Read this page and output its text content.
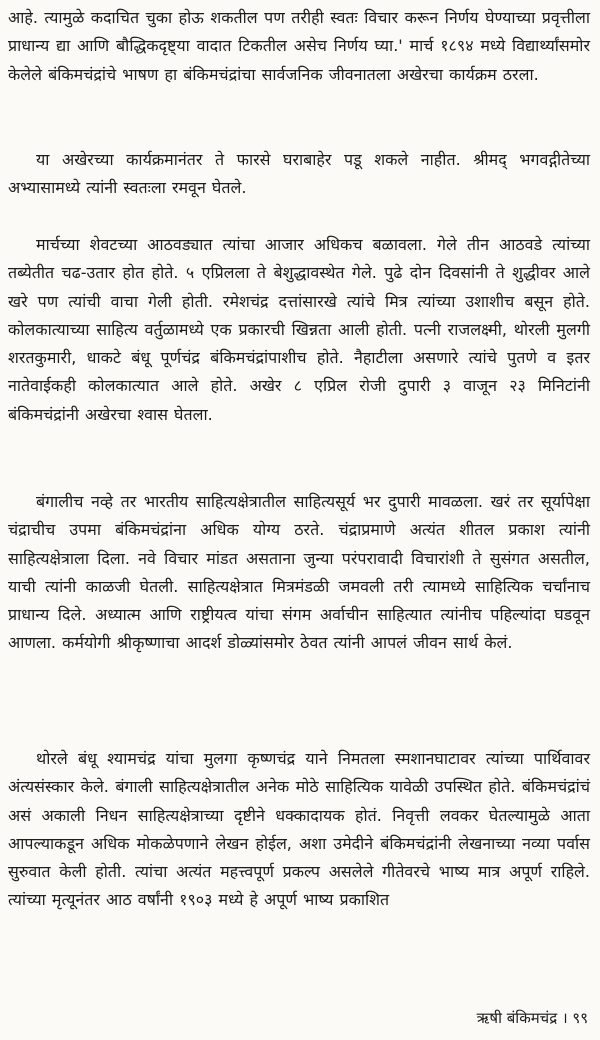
आहे. त्यामुळे कदाचित चुका होऊ शकतील पण तरीही स्वतः विचार करून निर्णय घेण्याच्या प्रवृत्तीला प्राधान्य द्या आणि बौद्धिकदृष्ट्या वादात टिकतील असेच निर्णय घ्या.' मार्च १८९४ मध्ये विद्यार्थ्यांसमोर केलेले बंकिमचंद्रांचे भाषण हा बंकिमचंद्रांचा सार्वजनिक जीवनातला अखेरचा कार्यक्रम ठरला.

या अखेरच्या कार्यक्रमानंतर ते फारसे घराबाहेर पडू शकले नाहीत. श्रीमद् भगवद्गीतेच्या अभ्यासामध्ये त्यांनी स्वतःला रमवून घेतले.

मार्चच्या शेवटच्या आठवड्यात त्यांचा आजार अधिकच बळावला. गेले तीन आठवडे त्यांच्या तब्येतीत चढ-उतार होत होते. ५ एप्रिलला ते बेशुद्धावस्थेत गेले. पुढे दोन दिवसांनी ते शुद्धीवर आले खरे पण त्यांची वाचा गेली होती. रमेशचंद्र दत्तांसारखे त्यांचे मित्र त्यांच्या उशाशीच बसून होते. कोलकात्याच्या साहित्य वर्तुळामध्ये एक प्रकारची खिन्नता आली होती. पत्नी राजलक्ष्मी, थोरली मुलगी शरतकुमारी, धाकटे बंधू पूर्णचंद्र बंकिमचंद्रांपाशीच होते. नैहाटीला असणारे त्यांचे पुतणे व इतर नातेवाईकही कोलकात्यात आले होते. अखेर ८ एप्रिल रोजी दुपारी ३ वाजून २३ मिनिटांनी बंकिमचंद्रांनी अखेरचा श्वास घेतला.

बंगालीच नव्हे तर भारतीय साहित्यक्षेत्रातील साहित्यसूर्य भर दुपारी मावळला. खरं तर सूर्यापेक्षा चंद्राचीच उपमा बंकिमचंद्रांना अधिक योग्य ठरते. चंद्राप्रमाणे अत्यंत शीतल प्रकाश त्यांनी साहित्यक्षेत्राला दिला. नवे विचार मांडत असताना जुन्या परंपरावादी विचारांशी ते सुसंगत असतील, याची त्यांनी काळजी घेतली. साहित्यक्षेत्रात मित्रमंडळी जमवली तरी त्यामध्ये साहित्यिक चर्चांनाच प्राधान्य दिले. अध्यात्म आणि राष्ट्रीयत्व यांचा संगम अर्वाचीन साहित्यात त्यांनीच पहिल्यांदा घडवून आणला. कर्मयोगी श्रीकृष्णाचा आदर्श डोळ्यांसमोर ठेवत त्यांनी आपलं जीवन सार्थ केलं.

थोरले बंधू श्यामचंद्र यांचा मुलगा कृष्णचंद्र याने निमतला स्मशानघाटावर त्यांच्या पार्थिवावर अंत्यसंस्कार केले. बंगाली साहित्यक्षेत्रातील अनेक मोठे साहित्यिक यावेळी उपस्थित होते. बंकिमचंद्रांचं असं अकाली निधन साहित्यक्षेत्राच्या दृष्टीने धक्कादायक होतं. निवृत्ती लवकर घेतल्यामुळे आता आपल्याकडून अधिक मोकळेपणाने लेखन होईल, अशा उमेदीने बंकिमचंद्रांनी लेखनाच्या नव्या पर्वास सुरुवात केली होती. त्यांचा अत्यंत महत्त्वपूर्ण प्रकल्प असलेले गीतेवरचे भाष्य मात्र अपूर्ण राहिले. त्यांच्या मृत्यूनंतर आठ वर्षांनी १९०३ मध्ये हे अपूर्ण भाष्य प्रकाशित

ऋषी बंकिमचंद्र । ९९
